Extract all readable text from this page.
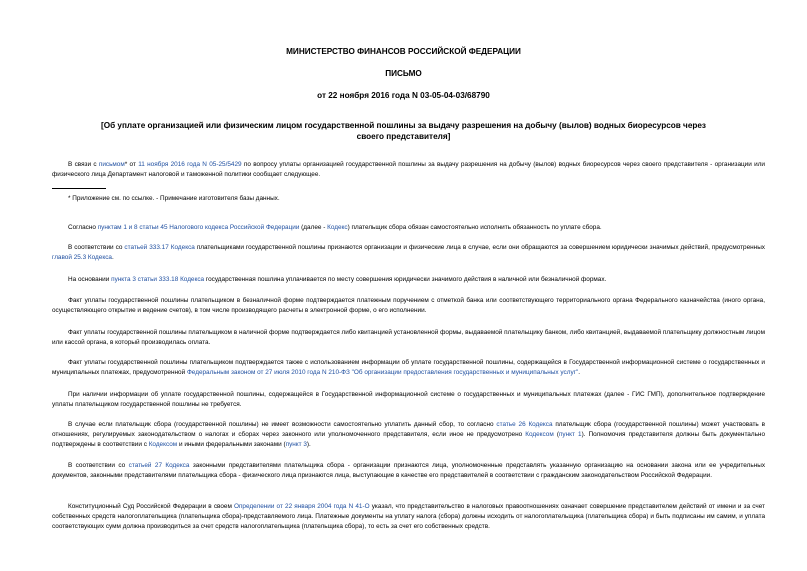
МИНИСТЕРСТВО ФИНАНСОВ РОССИЙСКОЙ ФЕДЕРАЦИИ
ПИСЬМО
от 22 ноября 2016 года N 03-05-04-03/68790
[Об уплате организацией или физическим лицом государственной пошлины за выдачу разрешения на добычу (вылов) водных биоресурсов через своего представителя]
В связи с письмом* от 11 ноября 2016 года N 05-25/5429 по вопросу уплаты организацией государственной пошлины за выдачу разрешения на добычу (вылов) водных биоресурсов через своего представителя - организации или физического лица Департамент налоговой и таможенной политики сообщает следующее.
* Приложение см. по ссылке. - Примечание изготовителя базы данных.
Согласно пунктам 1 и 8 статьи 45 Налогового кодекса Российской Федерации (далее - Кодекс) плательщик сбора обязан самостоятельно исполнить обязанность по уплате сбора.
В соответствии со статьей 333.17 Кодекса плательщиками государственной пошлины признаются организации и физические лица в случае, если они обращаются за совершением юридически значимых действий, предусмотренных главой 25.3 Кодекса.
На основании пункта 3 статьи 333.18 Кодекса государственная пошлина уплачивается по месту совершения юридически значимого действия в наличной или безналичной формах.
Факт уплаты государственной пошлины плательщиком в безналичной форме подтверждается платежным поручением с отметкой банка или соответствующего территориального органа Федерального казначейства (иного органа, осуществляющего открытие и ведение счетов), в том числе производящего расчеты в электронной форме, о его исполнении.
Факт уплаты государственной пошлины плательщиком в наличной форме подтверждается либо квитанцией установленной формы, выдаваемой плательщику банком, либо квитанцией, выдаваемой плательщику должностным лицом или кассой органа, в который производилась оплата.
Факт уплаты государственной пошлины плательщиком подтверждается также с использованием информации об уплате государственной пошлины, содержащейся в Государственной информационной системе о государственных и муниципальных платежах, предусмотренной Федеральным законом от 27 июля 2010 года N 210-ФЗ "Об организации предоставления государственных и муниципальных услуг".
При наличии информации об уплате государственной пошлины, содержащейся в Государственной информационной системе о государственных и муниципальных платежах (далее - ГИС ГМП), дополнительное подтверждение уплаты плательщиком государственной пошлины не требуется.
В случае если плательщик сбора (государственной пошлины) не имеет возможности самостоятельно уплатить данный сбор, то согласно статье 26 Кодекса плательщик сбора (государственной пошлины) может участвовать в отношениях, регулируемых законодательством о налогах и сборах через законного или уполномоченного представителя, если иное не предусмотрено Кодексом (пункт 1). Полномочия представителя должны быть документально подтверждены в соответствии с Кодексом и иными федеральными законами (пункт 3).
В соответствии со статьей 27 Кодекса законными представителями плательщика сбора - организации признаются лица, уполномоченные представлять указанную организацию на основании закона или ее учредительных документов, законными представителями плательщика сбора - физического лица признаются лица, выступающие в качестве его представителей в соответствии с гражданским законодательством Российской Федерации.
Конституционный Суд Российской Федерации в своем Определении от 22 января 2004 года N 41-О указал, что представительство в налоговых правоотношениях означает совершение представителем действий от имени и за счет собственных средств налогоплательщика (плательщика сбора)-представляемого лица. Платежные документы на уплату налога (сбора) должны исходить от налогоплательщика (плательщика сбора) и быть подписаны им самим, и уплата соответствующих сумм должна производиться за счет средств налогоплательщика (плательщика сбора), то есть за счет его собственных средств.
